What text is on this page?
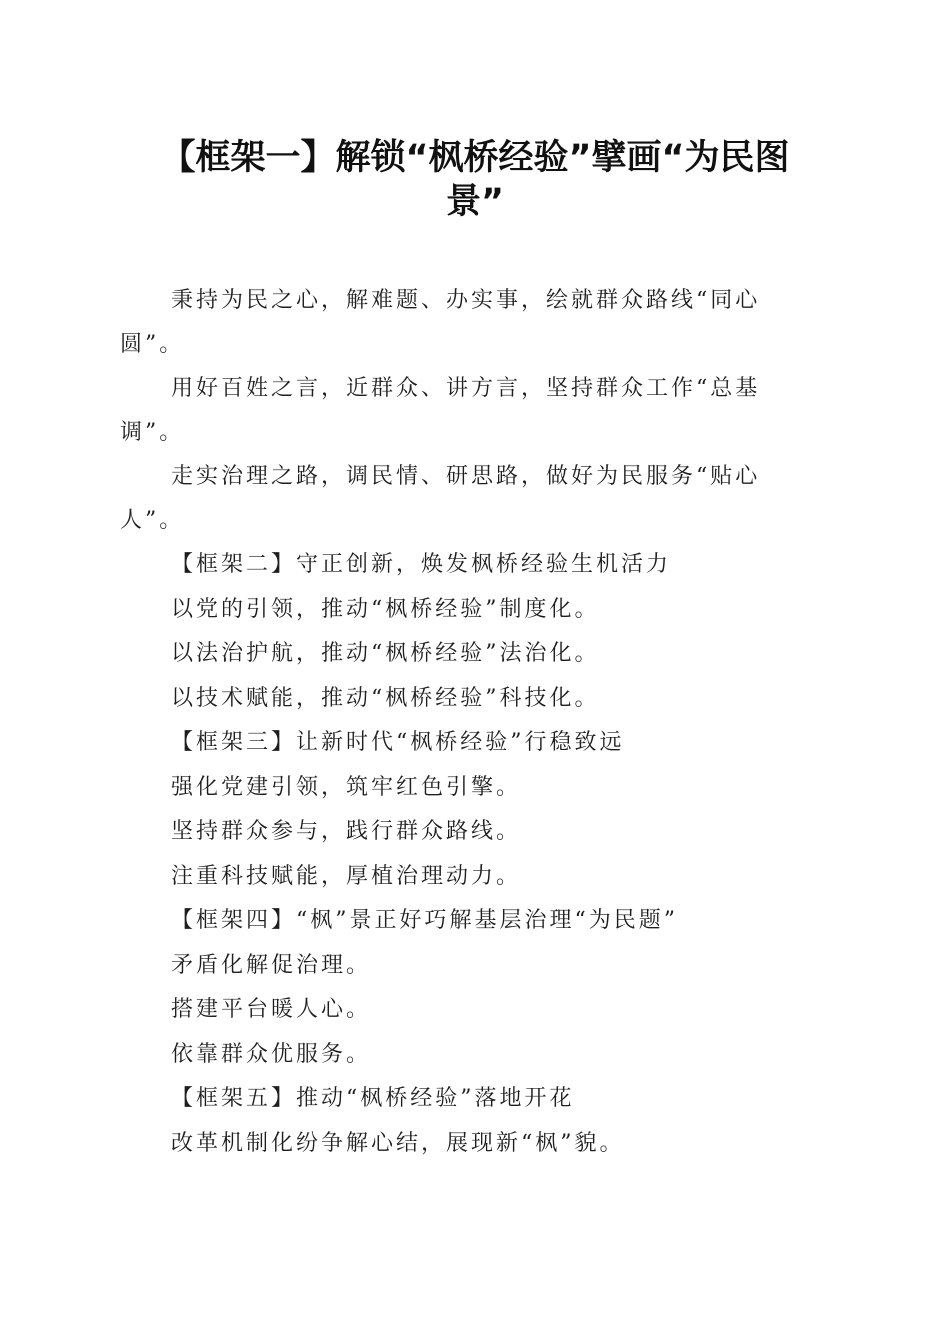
【框架一】解锁“枫桥经验”擘画“为民图
景”
秉持为民之心，解难题、办实事，绘就群众路线“同心
圆”。
用好百姓之言，近群众、讲方言，坚持群众工作“总基
调”。
走实治理之路，调民情、研思路，做好为民服务“贴心
人”。

【框架二】守正创新，焕发枫桥经验生机活力

以党的引领，推动“枫桥经验”制度化。

以法治护航，推动“枫桥经验”法治化。

以技术赋能，推动“枫桥经验”科技化。

【框架三】让新时代“枫桥经验”行稳致远

强化党建引领，筑牢红色引擎。

坚持群众参与，践行群众路线。

注重科技赋能，厚植治理动力。

【框架四】“枫”景正好巧解基层治理“为民题”

矛盾化解促治理。

搭建平台暖人心。

依靠群众优服务。

【框架五】推动“枫桥经验”落地开花

改革机制化纷争解心结，展现新“枫”貌。
